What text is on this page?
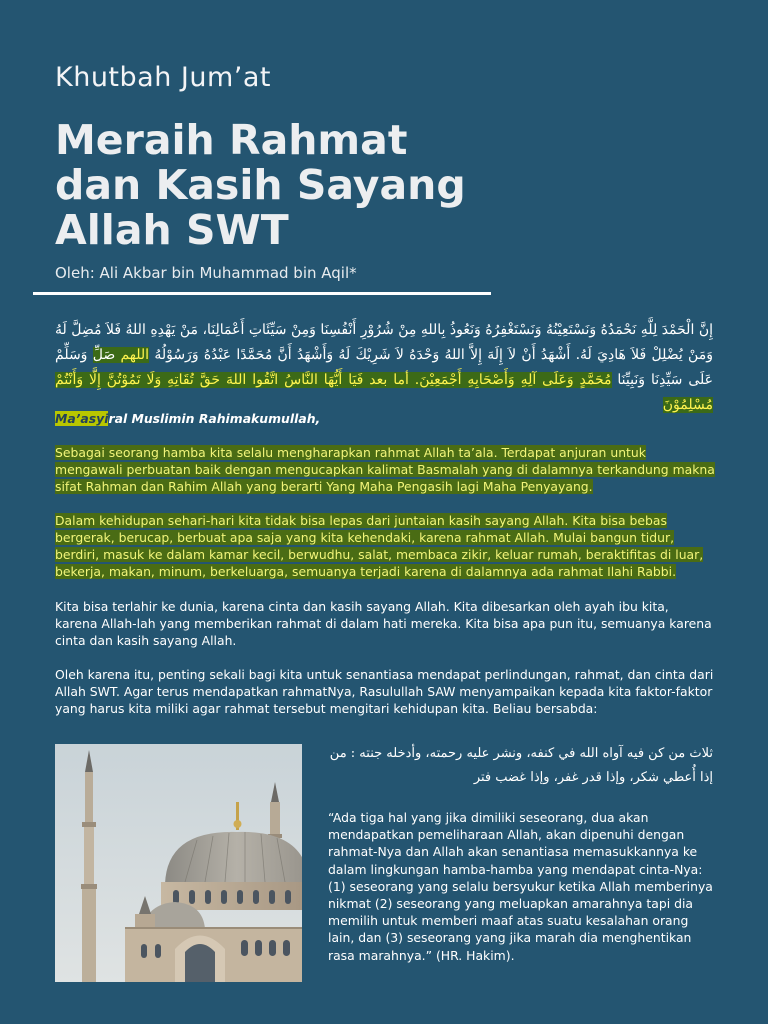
Khutbah Jum’at
Meraih Rahmat
dan Kasih Sayang
Allah SWT
Oleh: Ali Akbar bin Muhammad bin Aqil*

إِنَّ الْحَمْدَ لِلَّهِ نَحْمَدُهُ وَنَسْتَعِيْنُهُ وَنَسْتَغْفِرُهُ وَنَعُوذُ بِاللهِ مِنْ شُرُوْرِ أَنْفُسِنَا وَمِنْ سَيِّئَاتِ أَعْمَالِنَا، مَنْ يَهْدِهِ اللهُ فَلاَ مُضِلَّ لَهُ وَمَنْ يُضْلِلْ فَلاَ هَادِيَ لَهُ. أَشْهَدُ أَنْ لاَ إِلَهَ إِلاَّ اللهُ وَحْدَهُ لاَ شَرِيْكَ لَهُ وَأَشْهَدُ أَنَّ مُحَمَّدًا عَبْدُهُ وَرَسُوْلُهُ اللهم صَلِّ وَسَلِّمْ عَلَى سَيِّدِنَا وَنَبِيِّنَا مُحَمَّدٍ وَعَلَى آلِهِ وَأَصْحَابِهِ أَجْمَعِيْنَ. أما بعد فَيَا أَيُّهَا النَّاسُ اتَّقُوا اللهَ حَقَّ تُقَاتِهِ وَلَا تَمُوْتُنَّ إِلَّا وَأَنْتُمْ مُسْلِمُوْنَ

Ma’asyiral Muslimin Rahimakumullah,

Sebagai seorang hamba kita selalu mengharapkan rahmat Allah ta’ala. Terdapat anjuran untuk mengawali perbuatan baik dengan mengucapkan kalimat Basmalah yang di dalamnya terkandung makna sifat Rahman dan Rahim Allah yang berarti Yang Maha Pengasih lagi Maha Penyayang.

Dalam kehidupan sehari-hari kita tidak bisa lepas dari juntaian kasih sayang Allah. Kita bisa bebas bergerak, berucap, berbuat apa saja yang kita kehendaki, karena rahmat Allah. Mulai bangun tidur, berdiri, masuk ke dalam kamar kecil, berwudhu, salat, membaca zikir, keluar rumah, beraktifitas di luar, bekerja, makan, minum, berkeluarga, semuanya terjadi karena di dalamnya ada rahmat Ilahi Rabbi.

Kita bisa terlahir ke dunia, karena cinta dan kasih sayang Allah. Kita dibesarkan oleh ayah ibu kita, karena Allah-lah yang memberikan rahmat di dalam hati mereka. Kita bisa apa pun itu, semuanya karena cinta dan kasih sayang Allah.

Oleh karena itu, penting sekali bagi kita untuk senantiasa mendapat perlindungan, rahmat, dan cinta dari Allah SWT. Agar terus mendapatkan rahmatNya, Rasulullah SAW menyampaikan kepada kita faktor-faktor yang harus kita miliki agar rahmat tersebut mengitari kehidupan kita. Beliau bersabda:

ثلاث من كن فيه آواه الله في كنفه، ونشر عليه رحمته، وأدخله جنته : من
إذا أُعطي شكر، وإذا قدر غفر، وإذا غضب فتر

“Ada tiga hal yang jika dimiliki seseorang, dua akan mendapatkan pemeliharaan Allah, akan dipenuhi dengan rahmat-Nya dan Allah akan senantiasa memasukkannya ke dalam lingkungan hamba-hamba yang mendapat cinta-Nya: (1) seseorang yang selalu bersyukur ketika Allah memberinya nikmat (2) seseorang yang meluapkan amarahnya tapi dia memilih untuk memberi maaf atas suatu kesalahan orang lain, dan (3) seseorang yang jika marah dia menghentikan rasa marahnya.” (HR. Hakim).
